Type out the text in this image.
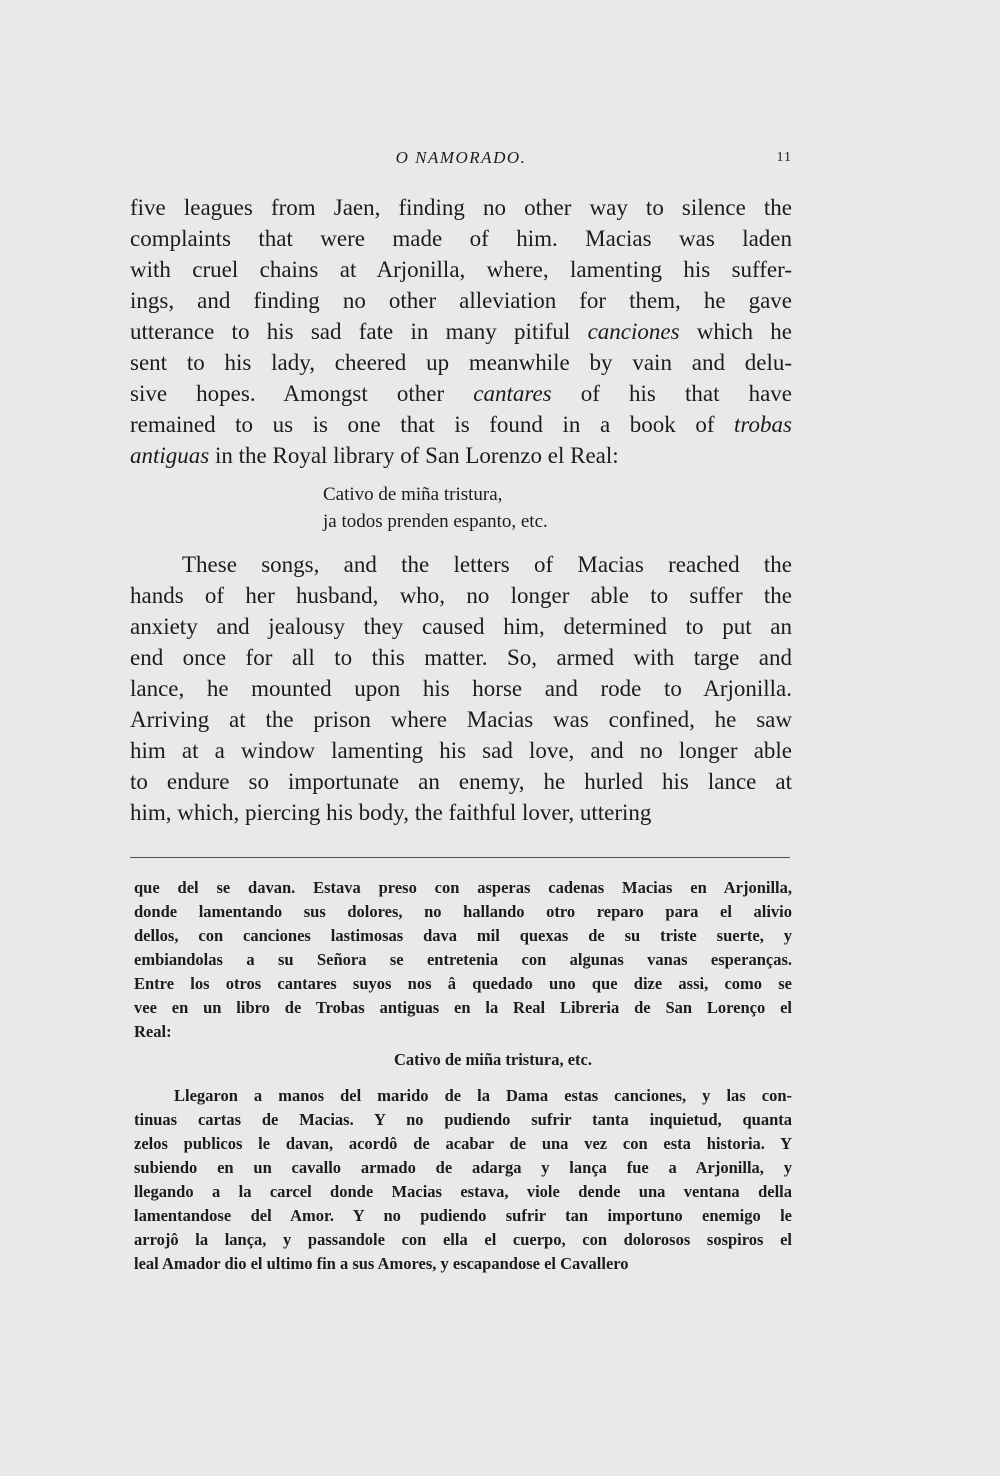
O NAMORADO.	11
five leagues from Jaen, finding no other way to silence the
complaints that were made of him. Macias was laden
with cruel chains at Arjonilla, where, lamenting his suffer-
ings, and finding no other alleviation for them, he gave
utterance to his sad fate in many pitiful canciones which he
sent to his lady, cheered up meanwhile by vain and delu-
sive hopes. Amongst other cantares of his that have
remained to us is one that is found in a book of trobas
antiguas in the Royal library of San Lorenzo el Real:
Cativo de miña tristura,
ja todos prenden espanto, etc.
These songs, and the letters of Macias reached the
hands of her husband, who, no longer able to suffer the
anxiety and jealousy they caused him, determined to put an
end once for all to this matter. So, armed with targe and
lance, he mounted upon his horse and rode to Arjonilla.
Arriving at the prison where Macias was confined, he saw
him at a window lamenting his sad love, and no longer able
to endure so importunate an enemy, he hurled his lance at
him, which, piercing his body, the faithful lover, uttering
que del se davan. Estava preso con asperas cadenas Macias en Arjonilla,
donde lamentando sus dolores, no hallando otro reparo para el alivio
dellos, con canciones lastimosas dava mil quexas de su triste suerte, y
embiandolas a su Señora se entretenia con algunas vanas esperanças.
Entre los otros cantares suyos nos â quedado uno que dize assi, como se
vee en un libro de Trobas antiguas en la Real Libreria de San Lorenço el
Real:
Cativo de miña tristura, etc.
Llegaron a manos del marido de la Dama estas canciones, y las con-
tinuas cartas de Macias. Y no pudiendo sufrir tanta inquietud, quanta
zelos publicos le davan, acordô de acabar de una vez con esta historia. Y
subiendo en un cavallo armado de adarga y lança fue a Arjonilla, y
llegando a la carcel donde Macias estava, viole dende una ventana della
lamentandose del Amor. Y no pudiendo sufrir tan importuno enemigo le
arrojô la lança, y passandole con ella el cuerpo, con dolorosos sospiros el
leal Amador dio el ultimo fin a sus Amores, y escapandose el Cavallero
